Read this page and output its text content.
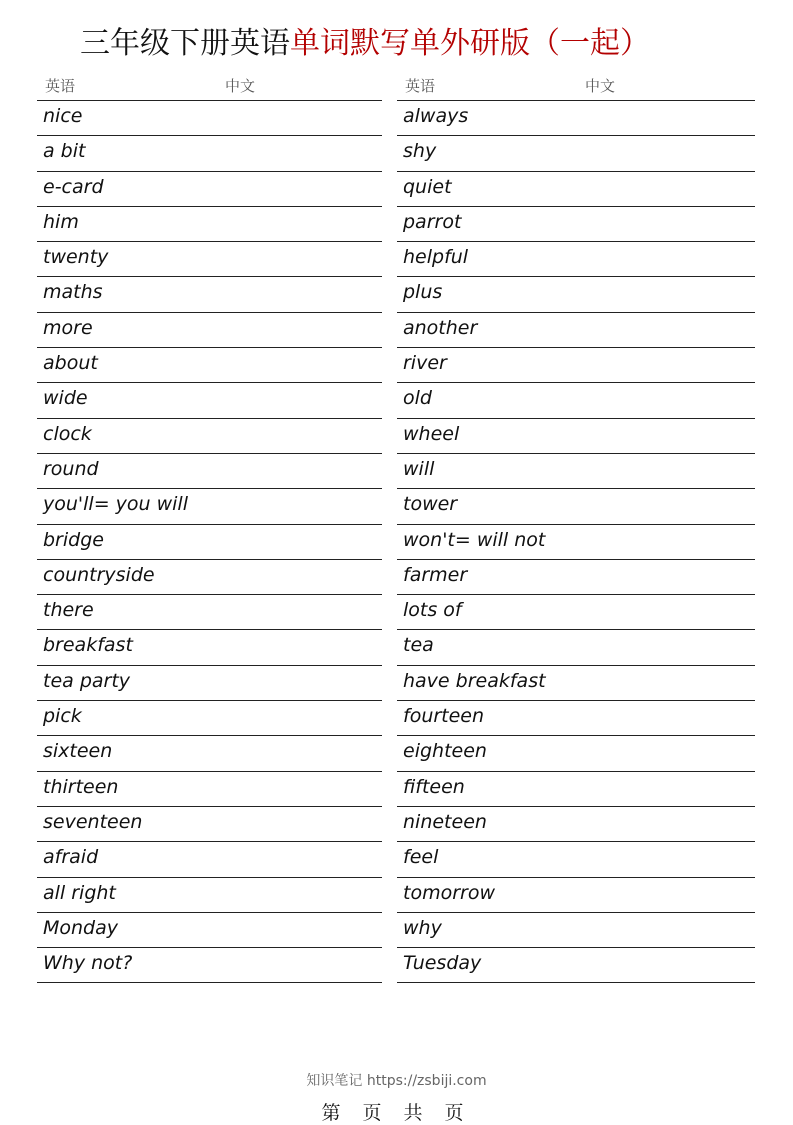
三年级下册英语单词默写单外研版（一起）
英语	中文
nice
a bit
e-card
him
twenty
maths
more
about
wide
clock
round
you'll= you will
bridge
countryside
there
breakfast
tea party
pick
sixteen
thirteen
seventeen
afraid
all right
Monday
Why not?
英语	中文
always
shy
quiet
parrot
helpful
plus
another
river
old
wheel
will
tower
won't= will not
farmer
lots of
tea
have breakfast
fourteen
eighteen
fifteen
nineteen
feel
tomorrow
why
Tuesday
知识笔记 https://zsbiji.com
第 页 共 页
